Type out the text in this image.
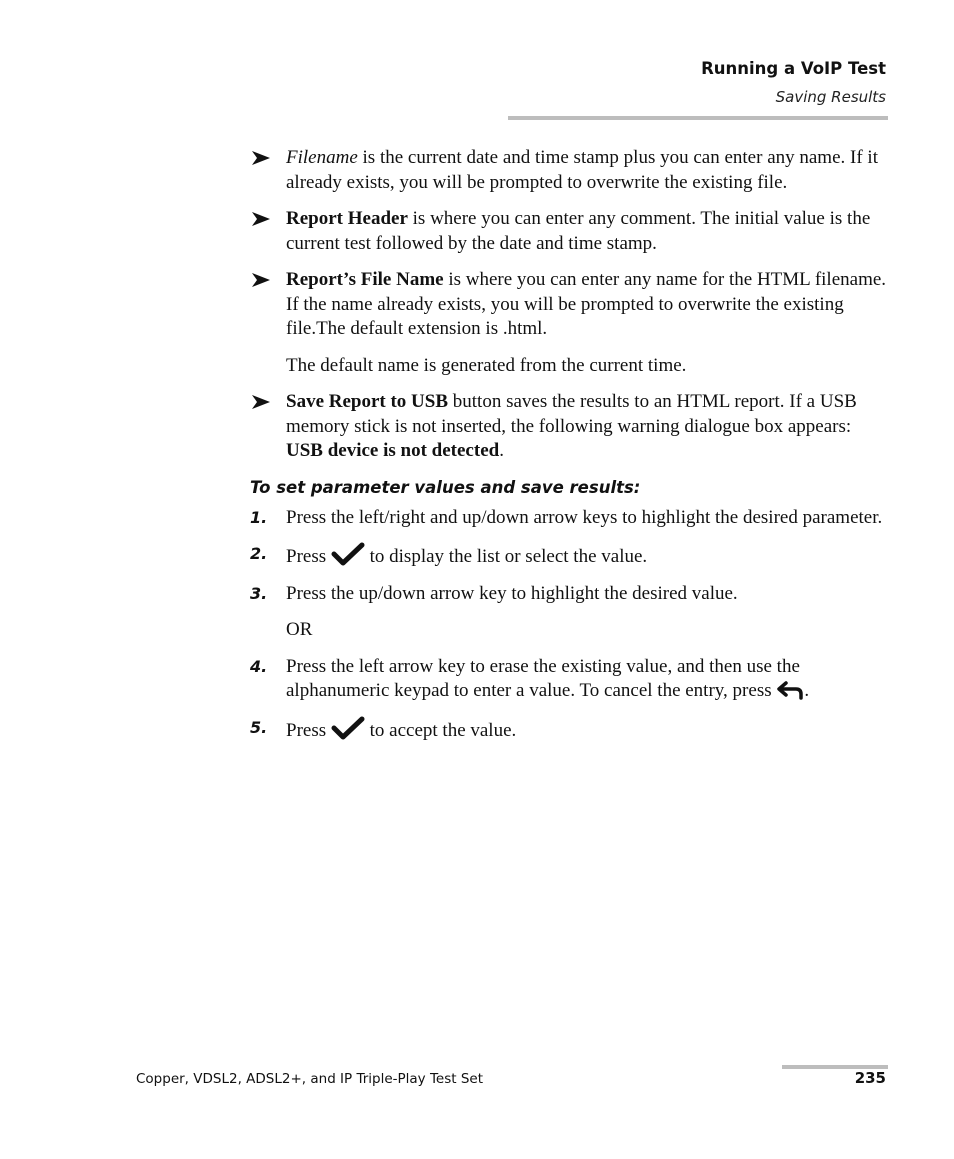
Running a VoIP Test
Saving Results
Filename is the current date and time stamp plus you can enter any name. If it already exists, you will be prompted to overwrite the existing file.
Report Header is where you can enter any comment. The initial value is the current test followed by the date and time stamp.
Report’s File Name is where you can enter any name for the HTML filename. If the name already exists, you will be prompted to overwrite the existing file.The default extension is .html.
The default name is generated from the current time.
Save Report to USB button saves the results to an HTML report. If a USB memory stick is not inserted, the following warning dialogue box appears: USB device is not detected.
To set parameter values and save results:
1. Press the left/right and up/down arrow keys to highlight the desired parameter.
2. Press  to display the list or select the value.
3. Press the up/down arrow key to highlight the desired value.
OR
4. Press the left arrow key to erase the existing value, and then use the alphanumeric keypad to enter a value. To cancel the entry, press .
5. Press  to accept the value.
Copper, VDSL2, ADSL2+, and IP Triple-Play Test Set	235
